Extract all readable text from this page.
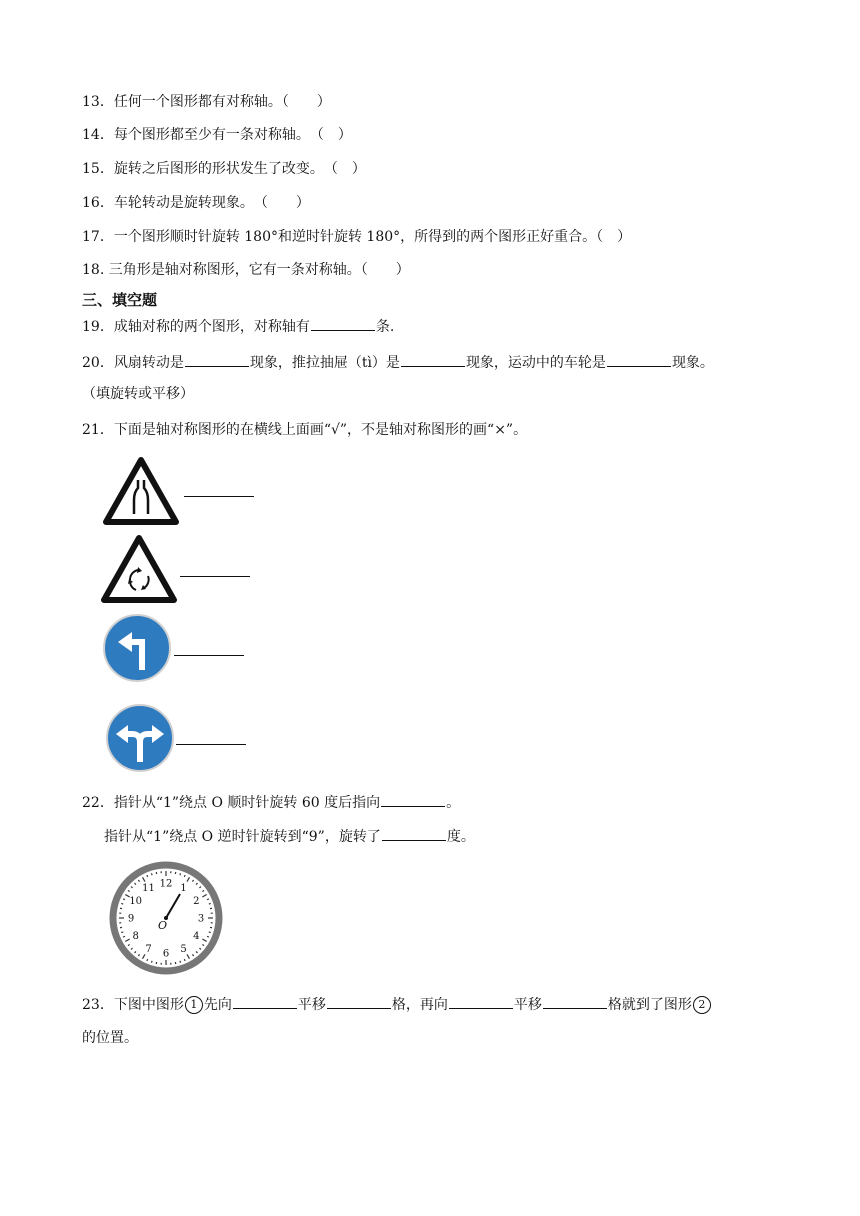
13．任何一个图形都有对称轴。（　　）
14．每个图形都至少有一条对称轴。　（　）
15．旋转之后图形的形状发生了改变。　（　）
16．车轮转动是旋转现象。　（　　）
17．一个图形顺时针旋转 180°和逆时针旋转 180°，所得到的两个图形正好重合。（　）
18. 三角形是轴对称图形，它有一条对称轴。（　　）
三、填空题
19．成轴对称的两个图形，对称轴有	条.
20．风扇转动是	现象，推拉抽屉（tì）是	现象，运动中的车轮是	现象。
（填旋转或平移）
21．下面是轴对称图形的在横线上面画“√”，不是轴对称图形的画“×”。
22．指针从“1”绕点 O 顺时针旋转 60 度后指向	。
指针从“1”绕点 O 逆时针旋转到“9”，旋转了	度。
12 1
2
3
4
5
6
7
8
9
10
11
O
23．下图中图形 1 先向	平移	格，再向	平移	格就到了图形 2
的位置。
